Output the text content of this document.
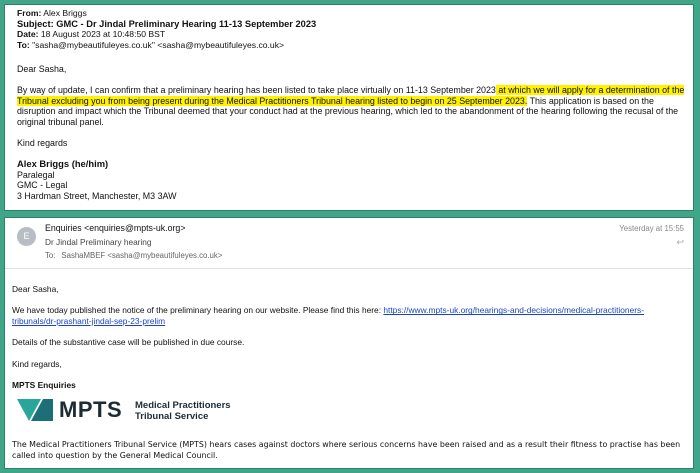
From: Alex Briggs
Subject: GMC - Dr Jindal Preliminary Hearing 11-13 September 2023
Date: 18 August 2023 at 10:48:50 BST
To: "sasha@mybeautifuleyes.co.uk" <sasha@mybeautifuleyes.co.uk>

Dear Sasha,

By way of update, I can confirm that a preliminary hearing has been listed to take place virtually on 11-13 September 2023 at which we will apply for a determination of the Tribunal excluding you from being present during the Medical Practitioners Tribunal hearing listed to begin on 25 September 2023. This application is based on the disruption and impact which the Tribunal deemed that your conduct had at the previous hearing, which led to the abandonment of the hearing following the recusal of the original tribunal panel.

Kind regards

Alex Briggs (he/him)

Paralegal

GMC - Legal

3 Hardman Street, Manchester, M3 3AW

E
Enquiries <enquiries@mpts-uk.org>
Dr Jindal Preliminary hearing
To: SashaMBEF <sasha@mybeautifuleyes.co.uk>
Yesterday at 15:55
↩

Dear Sasha,

We have today published the notice of the preliminary hearing on our website. Please find this here: https://www.mpts-uk.org/hearings-and-decisions/medical-practitioners-tribunals/dr-prashant-jindal-sep-23-prelim

Details of the substantive case will be published in due course.

Kind regards,

MPTS Enquiries

MPTS Medical Practitioners
Tribunal Service
The Medical Practitioners Tribunal Service (MPTS) hears cases against doctors where serious concerns have been raised and as a result their fitness to practise has been called into question by the General Medical Council.
